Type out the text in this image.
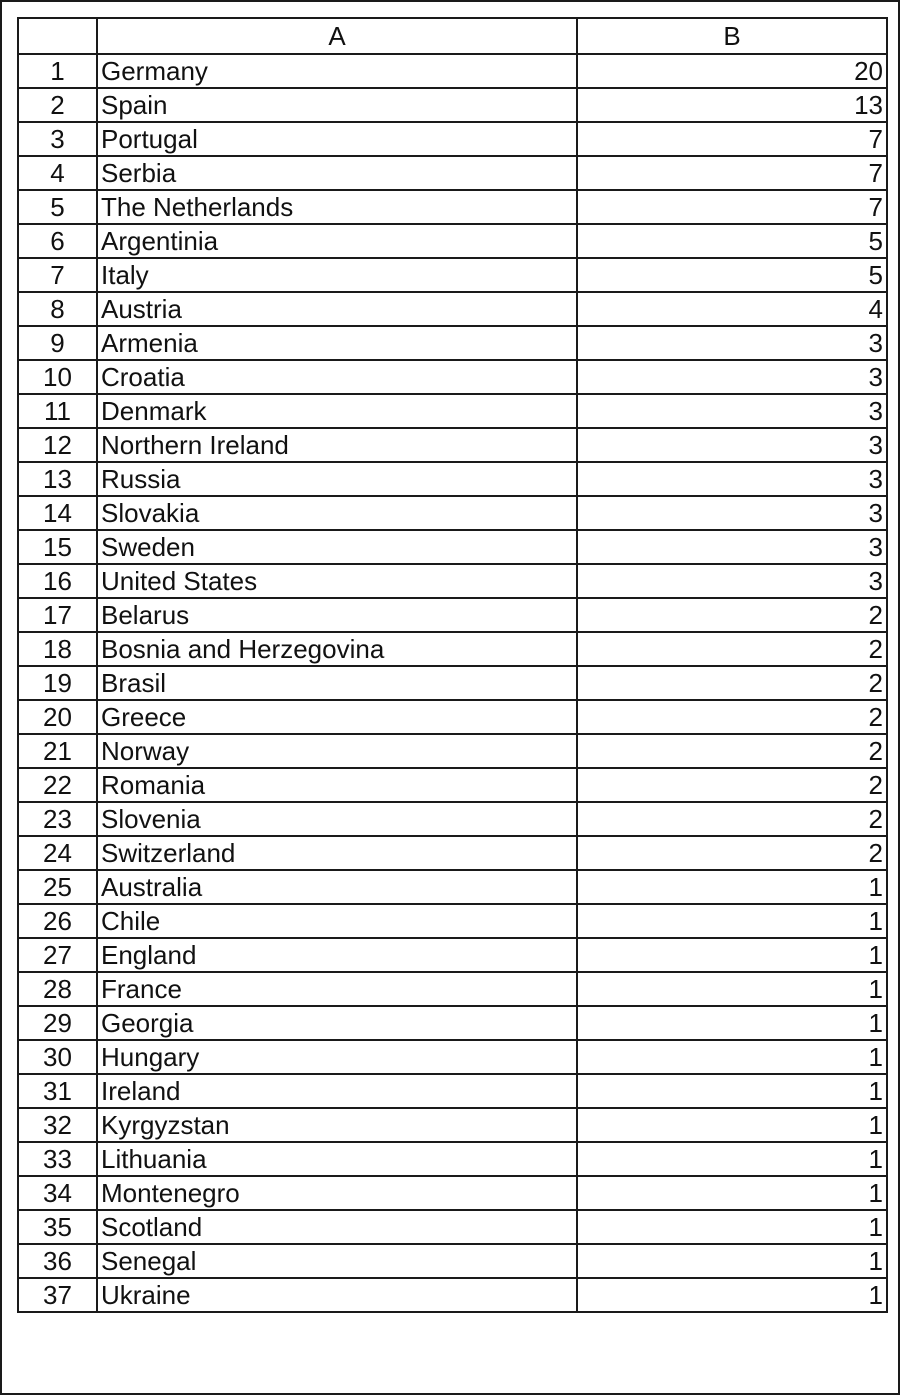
	A	B
1	Germany	20
2	Spain	13
3	Portugal	7
4	Serbia	7
5	The Netherlands	7
6	Argentinia	5
7	Italy	5
8	Austria	4
9	Armenia	3
10	Croatia	3
11	Denmark	3
12	Northern Ireland	3
13	Russia	3
14	Slovakia	3
15	Sweden	3
16	United States	3
17	Belarus	2
18	Bosnia and Herzegovina	2
19	Brasil	2
20	Greece	2
21	Norway	2
22	Romania	2
23	Slovenia	2
24	Switzerland	2
25	Australia	1
26	Chile	1
27	England	1
28	France	1
29	Georgia	1
30	Hungary	1
31	Ireland	1
32	Kyrgyzstan	1
33	Lithuania	1
34	Montenegro	1
35	Scotland	1
36	Senegal	1
37	Ukraine	1
